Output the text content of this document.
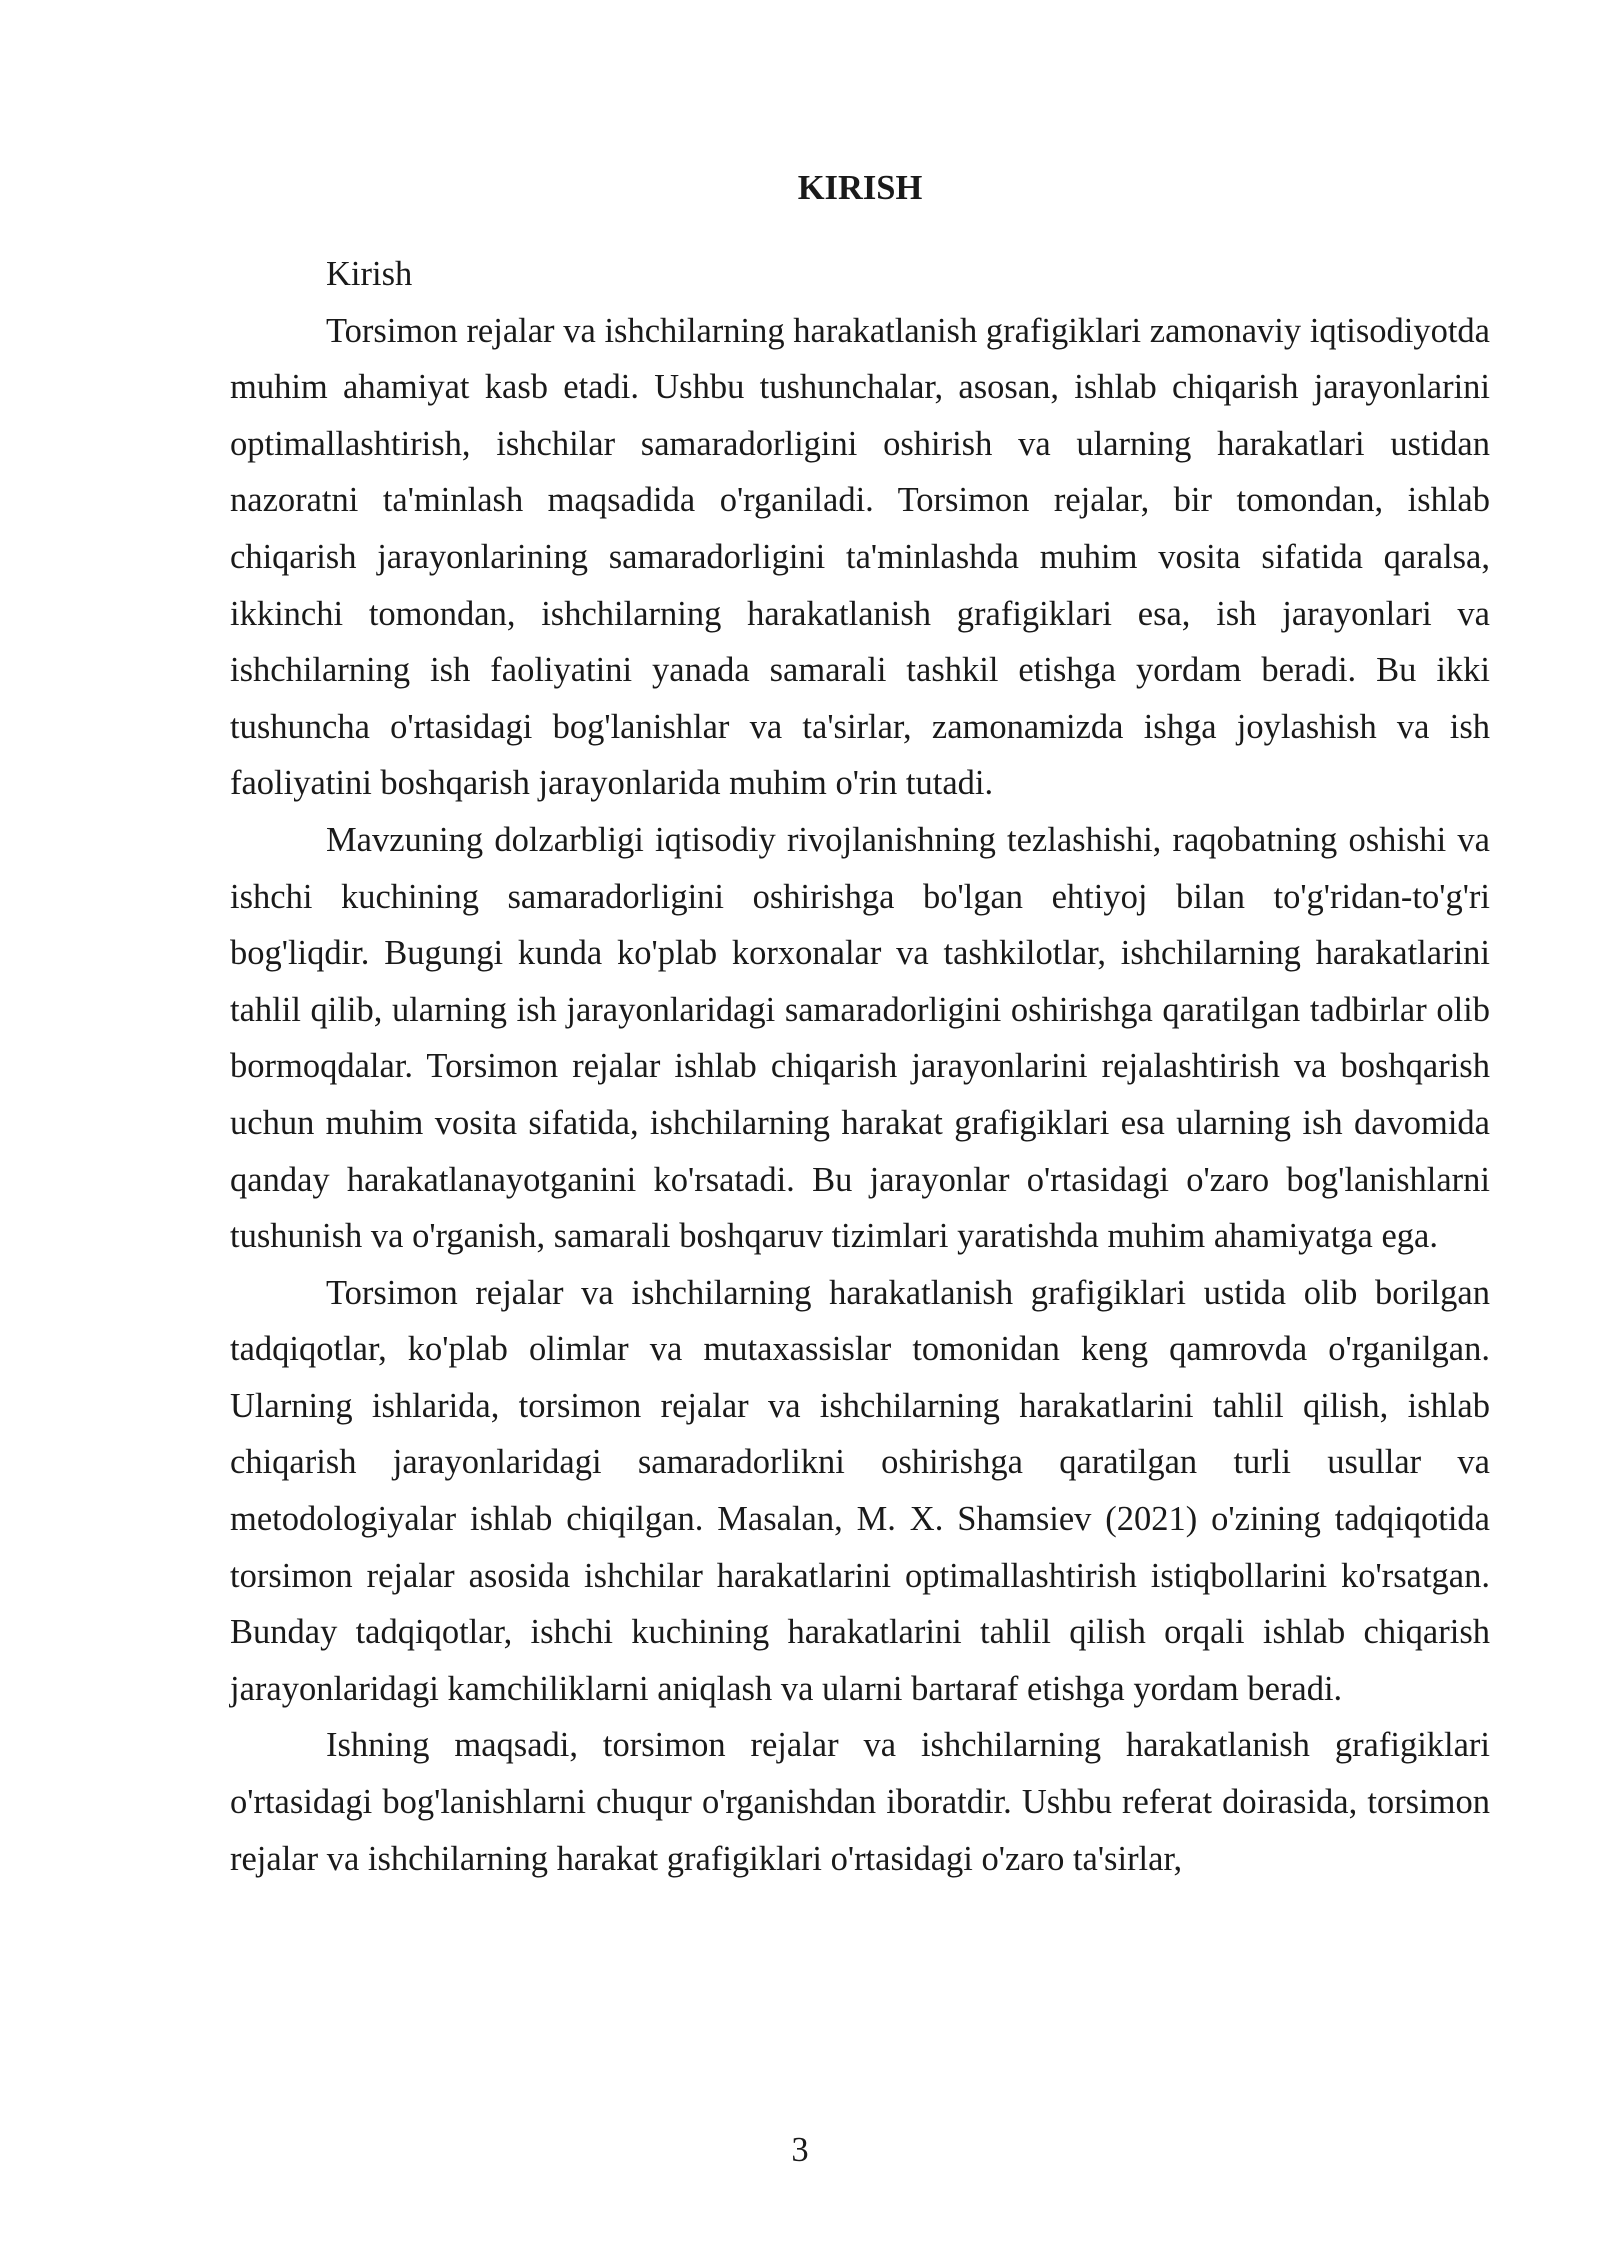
KIRISH

Kirish

Torsimon rejalar va ishchilarning harakatlanish grafigiklari zamonaviy iqtisodiyotda muhim ahamiyat kasb etadi. Ushbu tushunchalar, asosan, ishlab chiqarish jarayonlarini optimallashtirish, ishchilar samaradorligini oshirish va ularning harakatlari ustidan nazoratni ta'minlash maqsadida o'rganiladi. Torsimon rejalar, bir tomondan, ishlab chiqarish jarayonlarining samaradorligini ta'minlashda muhim vosita sifatida qaralsa, ikkinchi tomondan, ishchilarning harakatlanish grafigiklari esa, ish jarayonlari va ishchilarning ish faoliyatini yanada samarali tashkil etishga yordam beradi. Bu ikki tushuncha o'rtasidagi bog'lanishlar va ta'sirlar, zamonamizda ishga joylashish va ish faoliyatini boshqarish jarayonlarida muhim o'rin tutadi.

Mavzuning dolzarbligi iqtisodiy rivojlanishning tezlashishi, raqobatning oshishi va ishchi kuchining samaradorligini oshirishga bo'lgan ehtiyoj bilan to'g'ridan-to'g'ri bog'liqdir. Bugungi kunda ko'plab korxonalar va tashkilotlar, ishchilarning harakatlarini tahlil qilib, ularning ish jarayonlaridagi samaradorligini oshirishga qaratilgan tadbirlar olib bormoqdalar. Torsimon rejalar ishlab chiqarish jarayonlarini rejalashtirish va boshqarish uchun muhim vosita sifatida, ishchilarning harakat grafigiklari esa ularning ish davomida qanday harakatlanayotganini ko'rsatadi. Bu jarayonlar o'rtasidagi o'zaro bog'lanishlarni tushunish va o'rganish, samarali boshqaruv tizimlari yaratishda muhim ahamiyatga ega.

Torsimon rejalar va ishchilarning harakatlanish grafigiklari ustida olib borilgan tadqiqotlar, ko'plab olimlar va mutaxassislar tomonidan keng qamrovda o'rganilgan. Ularning ishlarida, torsimon rejalar va ishchilarning harakatlarini tahlil qilish, ishlab chiqarish jarayonlaridagi samaradorlikni oshirishga qaratilgan turli usullar va metodologiyalar ishlab chiqilgan. Masalan, M. X. Shamsiev (2021) o'zining tadqiqotida torsimon rejalar asosida ishchilar harakatlarini optimallashtirish istiqbollarini ko'rsatgan. Bunday tadqiqotlar, ishchi kuchining harakatlarini tahlil qilish orqali ishlab chiqarish jarayonlaridagi kamchiliklarni aniqlash va ularni bartaraf etishga yordam beradi.

Ishning maqsadi, torsimon rejalar va ishchilarning harakatlanish grafigiklari o'rtasidagi bog'lanishlarni chuqur o'rganishdan iboratdir. Ushbu referat doirasida, torsimon rejalar va ishchilarning harakat grafigiklari o'rtasidagi o'zaro ta'sirlar,

3
